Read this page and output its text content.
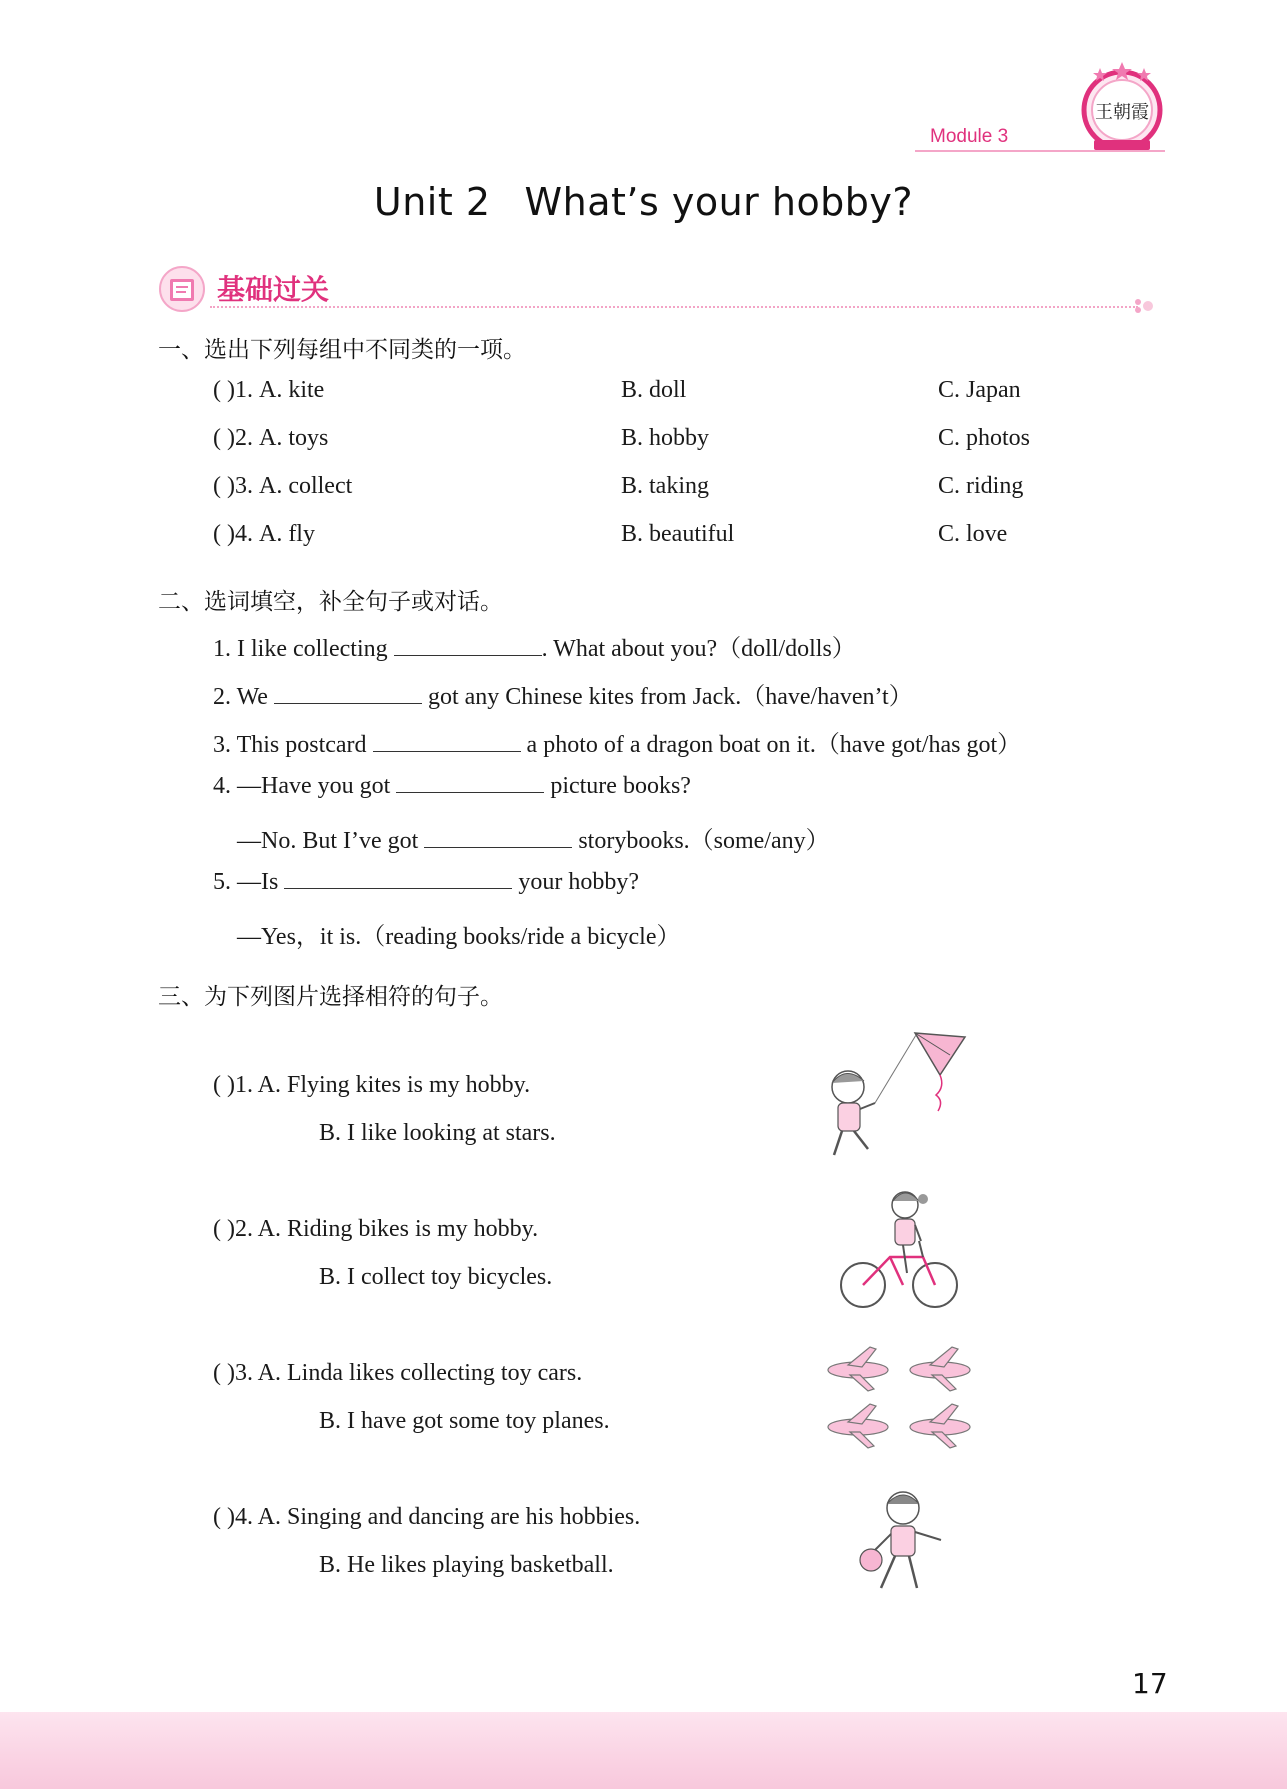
王朝霞
Module 3
Unit 2 What’s your hobby?
基础过关
一、选出下列每组中不同类的一项。
( )1. A. kite	B. doll	C. Japan
( )2. A. toys	B. hobby	C. photos
( )3. A. collect	B. taking	C. riding
( )4. A. fly	B. beautiful	C. love
二、选词填空，补全句子或对话。
1. I like collecting	. What about you?（doll/dolls）
2. We	got any Chinese kites from Jack.（have/haven’t）
3. This postcard	a photo of a dragon boat on it.（have got/has got）
4. —Have you got	picture books?
—No. But I’ve got	storybooks.（some/any）
5. —Is	your hobby?
—Yes，it is.（reading books/ride a bicycle）
三、为下列图片选择相符的句子。
( )1. A. Flying kites is my hobby.
B. I like looking at stars.
( )2. A. Riding bikes is my hobby.
B. I collect toy bicycles.
( )3. A. Linda likes collecting toy cars.
B. I have got some toy planes.
( )4. A. Singing and dancing are his hobbies.
B. He likes playing basketball.
17
